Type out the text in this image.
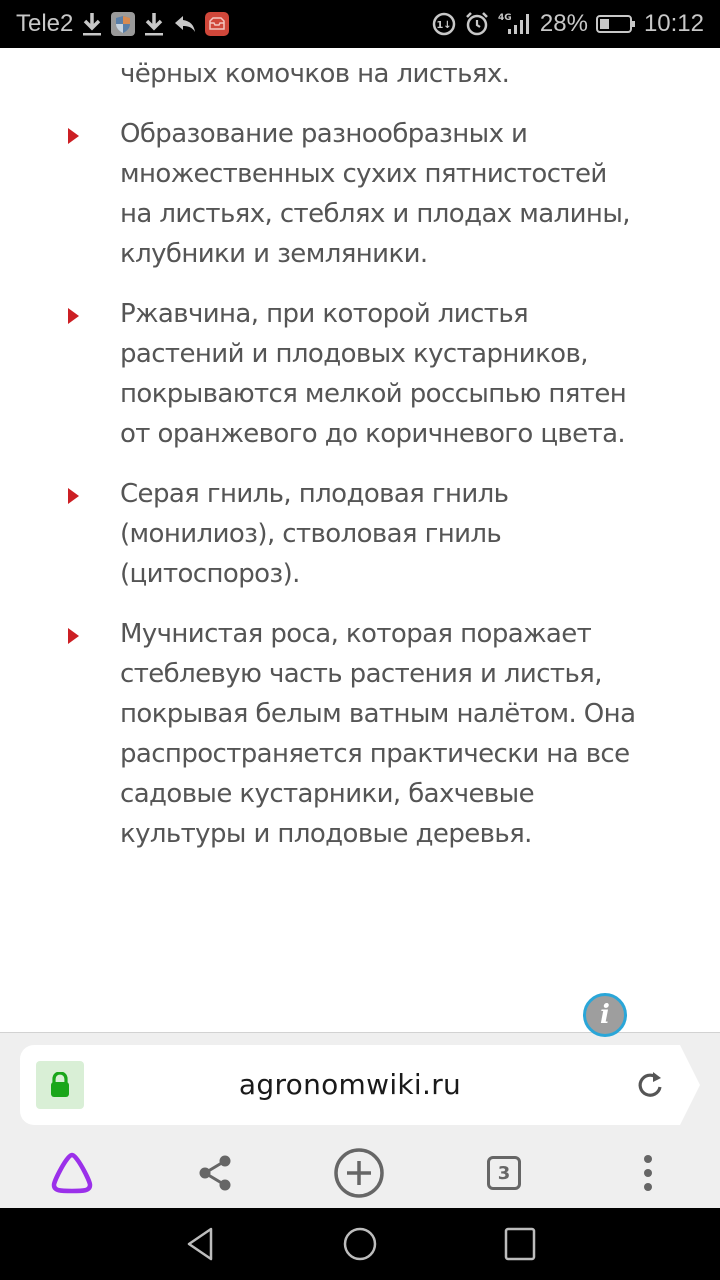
Tele2	1↓
4G 28% 10:12
чёрных комочков на листьях.
Образование разнообразных и множественных сухих пятнистостей на листьях, стеблях и плодах малины, клубники и земляники.
Ржавчина, при которой листья растений и плодовых кустарников, покрываются мелкой россыпью пятен от оранжевого до коричневого цвета.
Серая гниль, плодовая гниль (монилиоз), стволовая гниль (цитоспороз).
Мучнистая роса, которая поражает стеблевую часть растения и листья, покрывая белым ватным налётом. Она распространяется практически на все садовые кустарники, бахчевые культуры и плодовые деревья.
i
agronomwiki.ru
3
